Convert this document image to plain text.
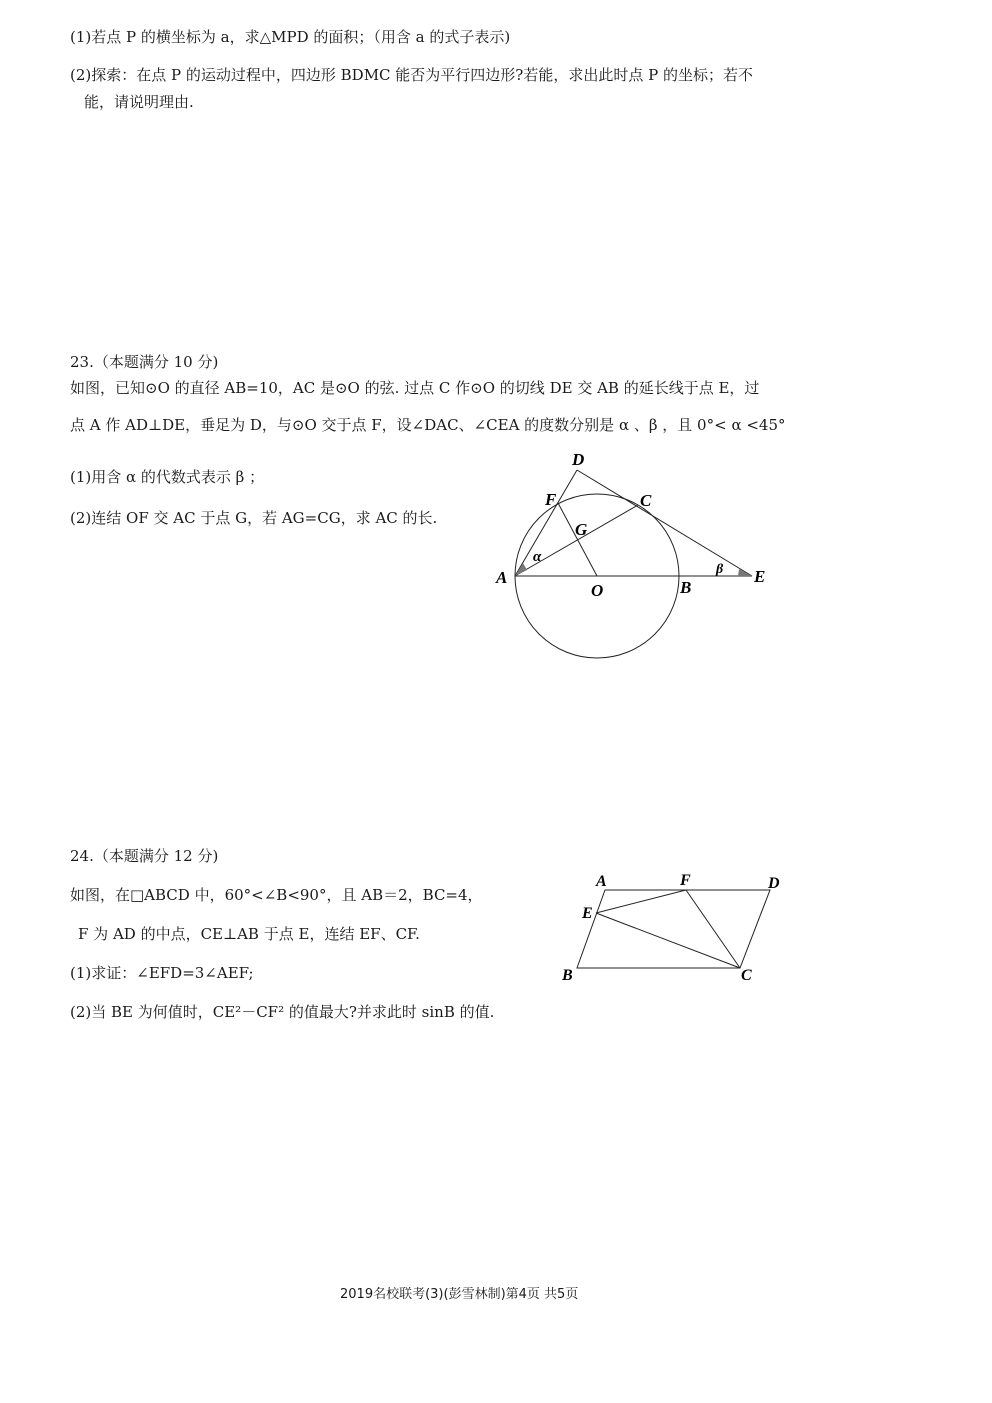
(1)若点 P 的横坐标为 a，求△MPD 的面积；（用含 a 的式子表示)
(2)探索：在点 P 的运动过程中，四边形 BDMC 能否为平行四边形?若能，求出此时点 P 的坐标；若不
能，请说明理由.
23.（本题满分 10 分)
如图，已知⊙O 的直径 AB=10，AC 是⊙O 的弦. 过点 C 作⊙O 的切线 DE 交 AB 的延长线于点 E，过
点 A 作 AD⊥DE，垂足为 D，与⊙O 交于点 F，设∠DAC、∠CEA 的度数分别是 α 、β ，且 0°< α <45°
(1)用含 α 的代数式表示 β ；
(2)连结 OF 交 AC 于点 G，若 AG=CG，求 AC 的长.
D
F	C
G
α
A
O	B
β E
24.（本题满分 12 分)
如图，在□ABCD 中，60°<∠B<90°，且 AB＝2，BC=4，
F 为 AD 的中点，CE⊥AB 于点 E，连结 EF、CF.
(1)求证：∠EFD=3∠AEF;
(2)当 BE 为何值时，CE²－CF² 的值最大?并求此时 sinB 的值.
A	F	D
E
B	C
2019名校联考(3)(彭雪林制)第4页 共5页
